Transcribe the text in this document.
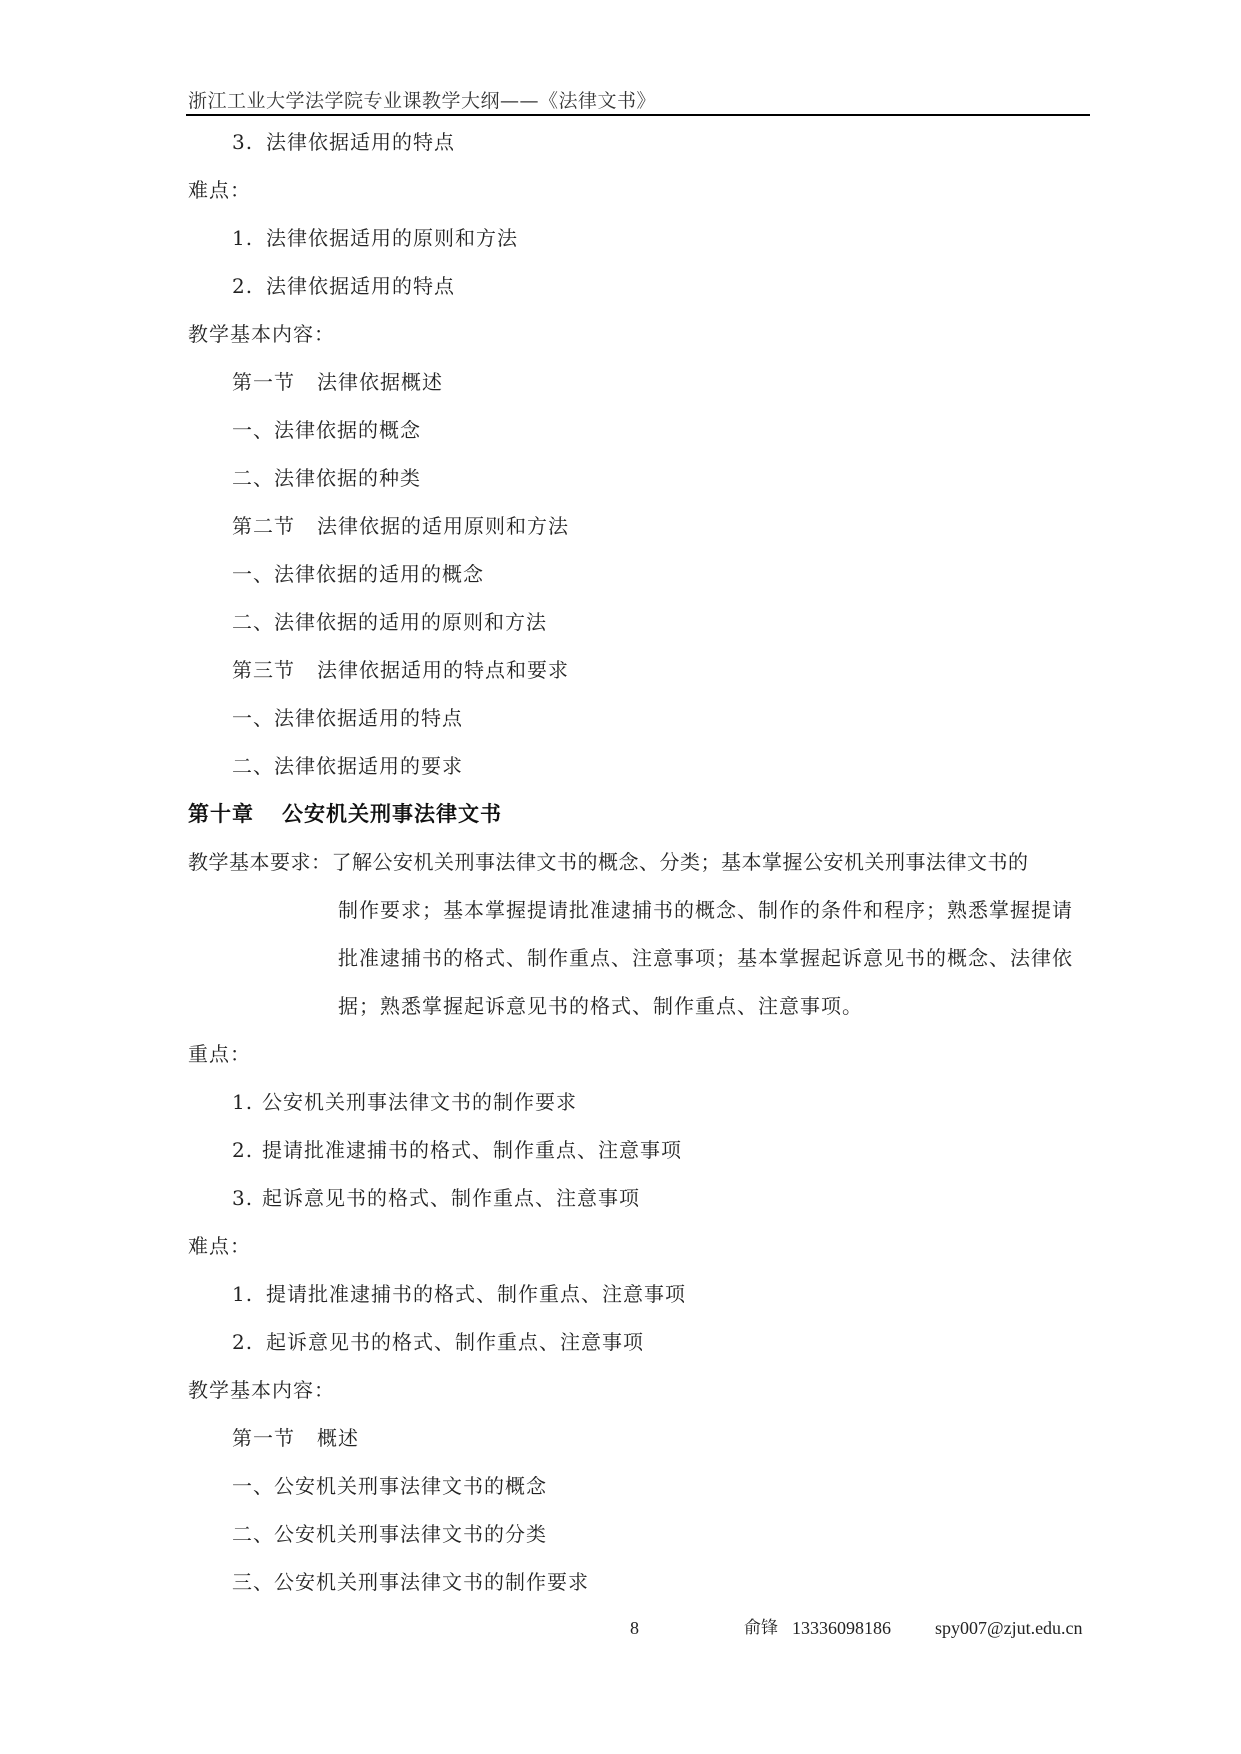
浙江工业大学法学院专业课教学大纲——《法律文书》
3. 法律依据适用的特点
难点：
1. 法律依据适用的原则和方法
2. 法律依据适用的特点
教学基本内容：
第一节 法律依据概述
一、法律依据的概念
二、法律依据的种类
第二节 法律依据的适用原则和方法
一、法律依据的适用的概念
二、法律依据的适用的原则和方法
第三节 法律依据适用的特点和要求
一、法律依据适用的特点
二、法律依据适用的要求
第十章 公安机关刑事法律文书
教学基本要求：了解公安机关刑事法律文书的概念、分类；基本掌握公安机关刑事法律文书的
制作要求；基本掌握提请批准逮捕书的概念、制作的条件和程序；熟悉掌握提请
批准逮捕书的格式、制作重点、注意事项；基本掌握起诉意见书的概念、法律依
据；熟悉掌握起诉意见书的格式、制作重点、注意事项。
重点：
1. 公安机关刑事法律文书的制作要求
2. 提请批准逮捕书的格式、制作重点、注意事项
3. 起诉意见书的格式、制作重点、注意事项
难点：
1. 提请批准逮捕书的格式、制作重点、注意事项
2. 起诉意见书的格式、制作重点、注意事项
教学基本内容：
第一节 概述
一、公安机关刑事法律文书的概念
二、公安机关刑事法律文书的分类
三、公安机关刑事法律文书的制作要求
8	俞锋 13336098186 spy007@zjut.edu.cn
